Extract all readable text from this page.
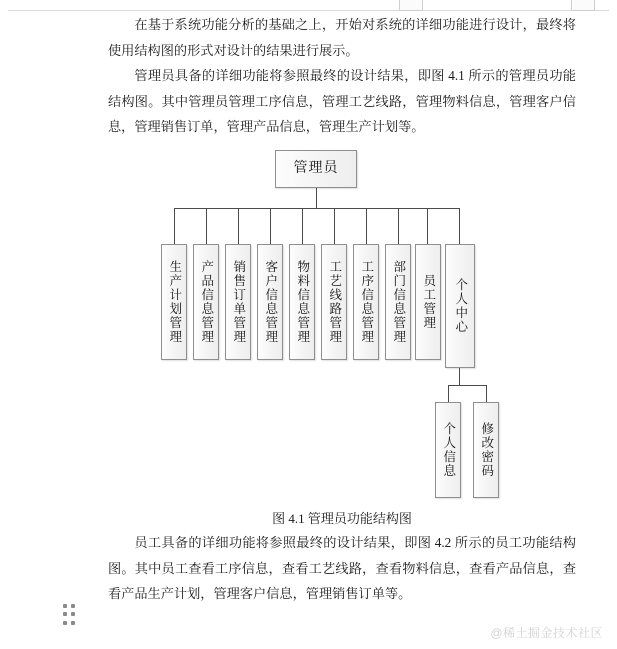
在基于系统功能分析的基础之上，开始对系统的详细功能进行设计，最终将使用结构图的形式对设计的结果进行展示。

管理员具备的详细功能将参照最终的设计结果，即图 4.1 所示的管理员功能结构图。其中管理员管理工序信息，管理工艺线路，管理物料信息，管理客户信息，管理销售订单，管理产品信息，管理生产计划等。

管理员
生产计划管理 产品信息管理 销售订单管理 客户信息管理 物料信息管理 工艺线路管理 工序信息管理 部门信息管理 员工管理 个人中心
个人信息 修改密码
图 4.1 管理员功能结构图

员工具备的详细功能将参照最终的设计结果，即图 4.2 所示的员工功能结构图。其中员工查看工序信息，查看工艺线路，查看物料信息，查看产品信息，查看产品生产计划，管理客户信息，管理销售订单等。

@稀土掘金技术社区
